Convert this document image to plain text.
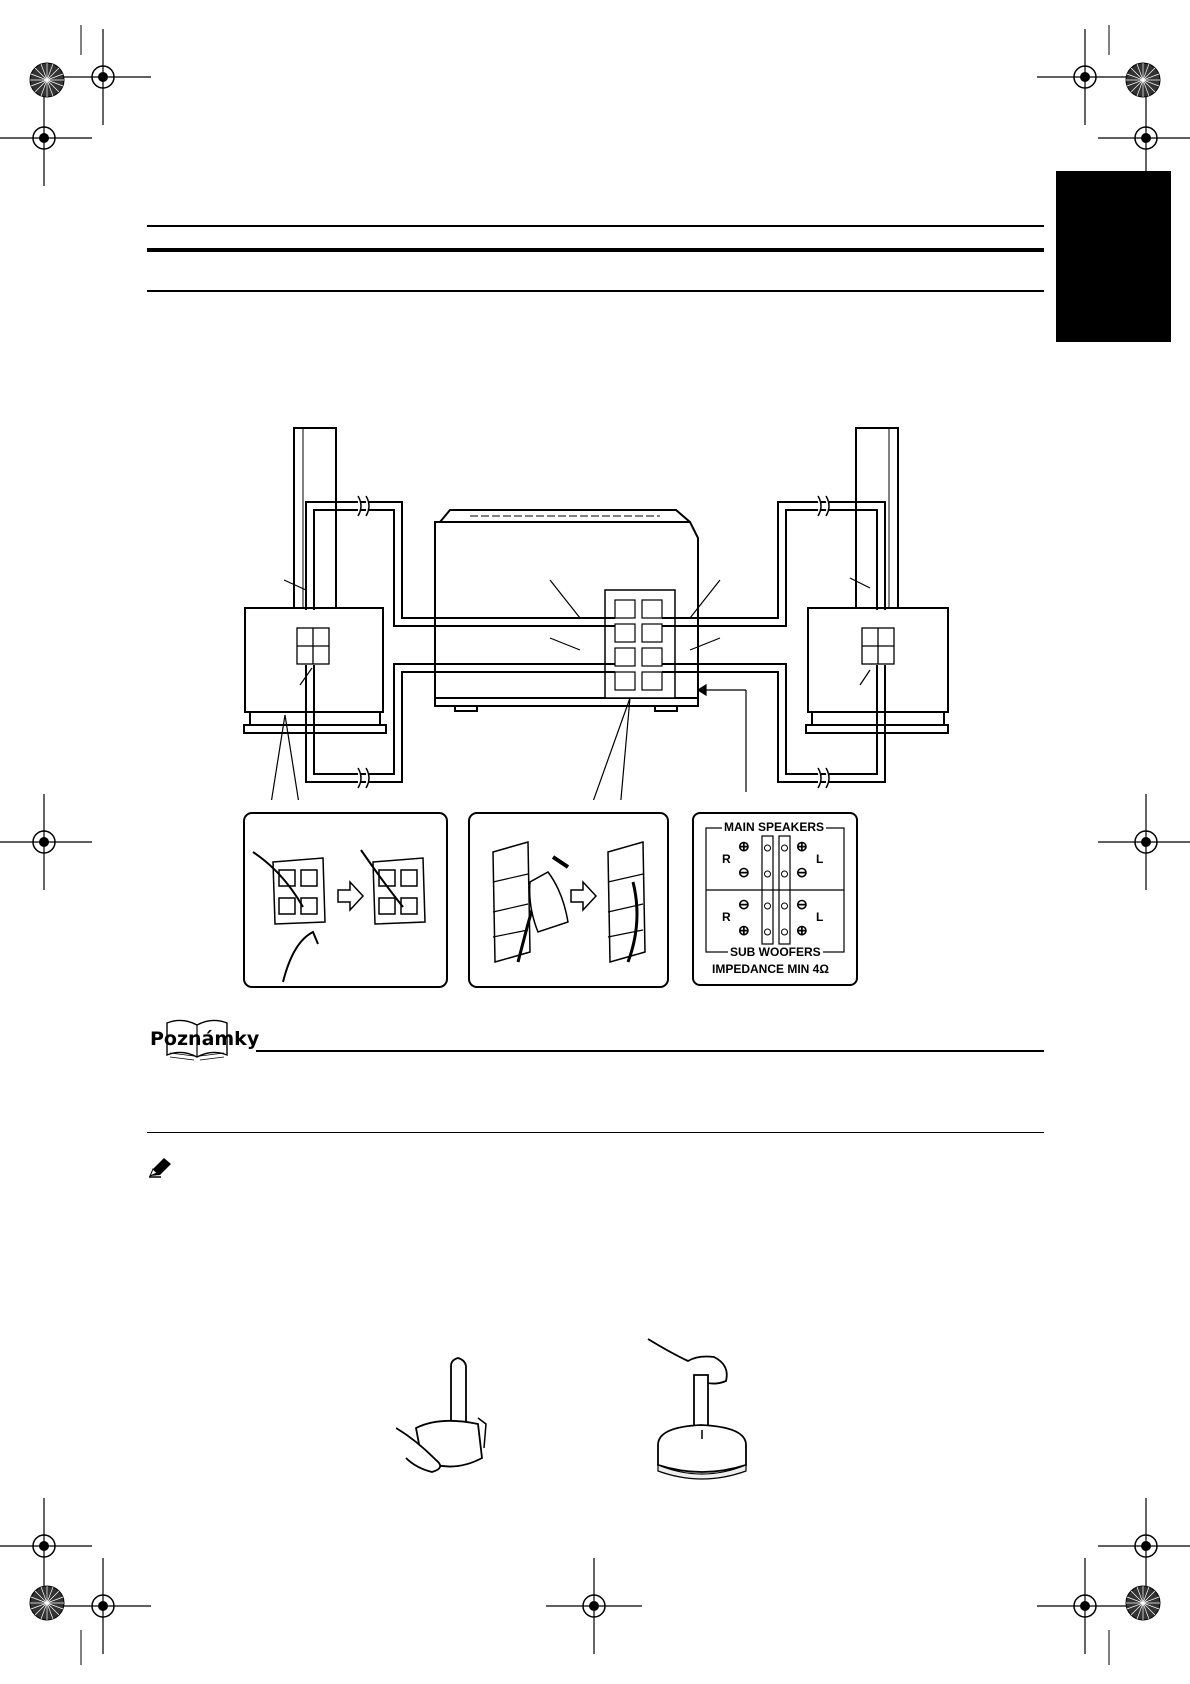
MAIN SPEAKERS
⊕
⊖
R
⊕
⊖
L
⊖
⊕
R
⊖
⊕
L
SUB WOOFERS
IMPEDANCE MIN 4Ω
Poznámky
